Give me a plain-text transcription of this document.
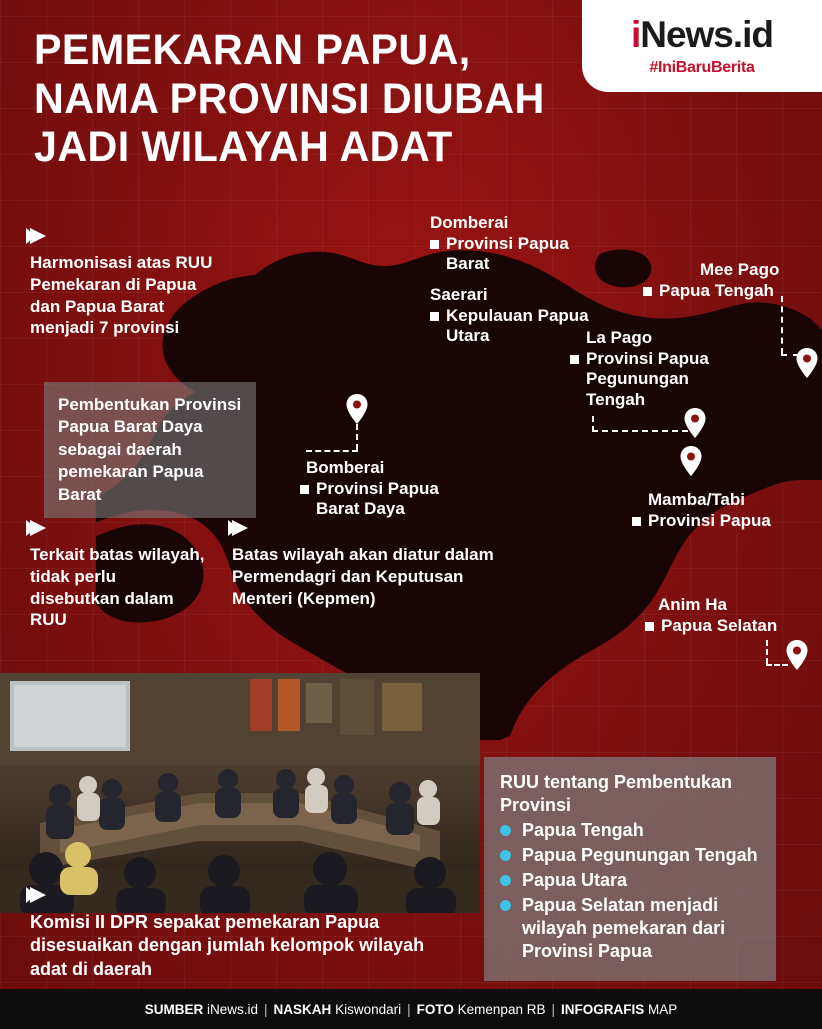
iNews.id
#IniBaruBerita
PEMEKARAN PAPUA,
NAMA PROVINSI DIUBAH
JADI WILAYAH ADAT
Harmonisasi atas RUU Pemekaran di Papua dan Papua Barat menjadi 7 provinsi
Pembentukan Provinsi Papua Barat Daya sebagai daerah pemekaran Papua Barat
Terkait batas wilayah, tidak perlu disebutkan dalam RUU
Batas wilayah akan diatur dalam Permendagri dan Keputusan Menteri (Kepmen)
Domberai
Provinsi Papua Barat
Saerari
Kepulauan Papua Utara
Mee Pago
Papua Tengah
La Pago
Provinsi Papua Pegunungan Tengah
Bomberai
Provinsi Papua Barat Daya	Mamba/Tabi
Provinsi Papua
Anim Ha
Papua Selatan
RUU tentang Pembentukan Provinsi
Papua Tengah
Papua Pegunungan Tengah
Papua Utara
Papua Selatan menjadi wilayah pemekaran dari Provinsi Papua
Komisi II DPR sepakat pemekaran Papua disesuaikan dengan jumlah kelompok wilayah adat di daerah
SUMBER iNews.id | NASKAH Kiswondari | FOTO Kemenpan RB | INFOGRAFIS MAP
